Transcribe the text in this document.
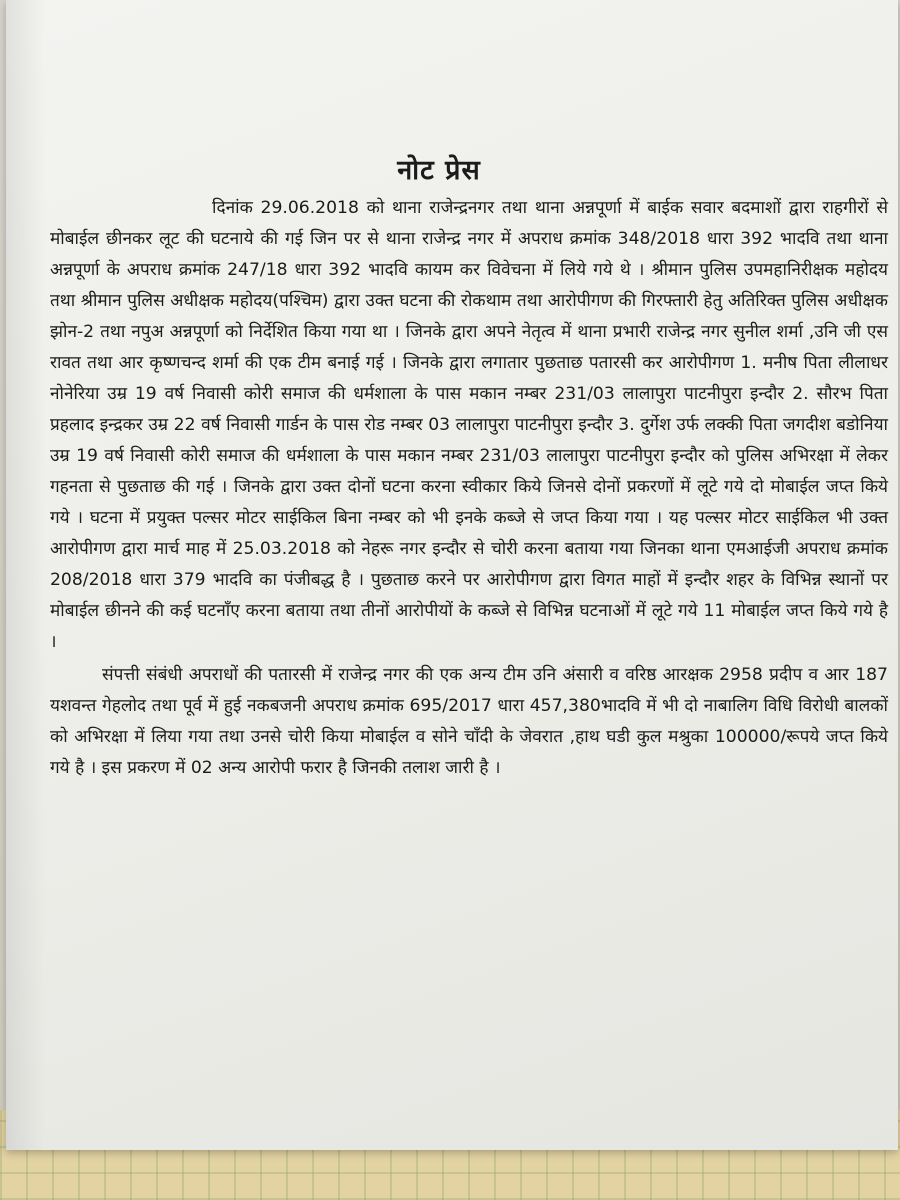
नोट प्रेस

दिनांक 29.06.2018 को थाना राजेन्द्रनगर तथा थाना अन्नपूर्णा में बाईक सवार बदमाशों द्वारा राहगीरों से मोबाईल छीनकर लूट की घटनाये की गई जिन पर से थाना राजेन्द्र नगर में अपराध क्रमांक 348/2018 धारा 392 भादवि तथा थाना अन्नपूर्णा के अपराध क्रमांक 247/18 धारा 392 भादवि कायम कर विवेचना में लिये गये थे । श्रीमान पुलिस उपमहानिरीक्षक महोदय तथा श्रीमान पुलिस अधीक्षक महोदय(पश्चिम) द्वारा उक्त घटना की रोकथाम तथा आरोपीगण की गिरफ्तारी हेतु अतिरिक्त पुलिस अधीक्षक झोन-2 तथा नपुअ अन्नपूर्णा को निर्देशित किया गया था । जिनके द्वारा अपने नेतृत्व में थाना प्रभारी राजेन्द्र नगर सुनील शर्मा ,उनि जी एस रावत तथा आर कृष्णचन्द शर्मा की एक टीम बनाई गई । जिनके द्वारा लगातार पुछताछ पतारसी कर आरोपीगण 1. मनीष पिता लीलाधर नोनेरिया उम्र 19 वर्ष निवासी कोरी समाज की धर्मशाला के पास मकान नम्बर 231/03 लालापुरा पाटनीपुरा इन्दौर 2. सौरभ पिता प्रहलाद इन्द्रकर उम्र 22 वर्ष निवासी गार्डन के पास रोड नम्बर 03 लालापुरा पाटनीपुरा इन्दौर 3. दुर्गेश उर्फ लक्की पिता जगदीश बडोनिया उम्र 19 वर्ष निवासी कोरी समाज की धर्मशाला के पास मकान नम्बर 231/03 लालापुरा पाटनीपुरा इन्दौर को पुलिस अभिरक्षा में लेकर गहनता से पुछताछ की गई । जिनके द्वारा उक्त दोनों घटना करना स्वीकार किये जिनसे दोनों प्रकरणों में लूटे गये दो मोबाईल जप्त किये गये । घटना में प्रयुक्त पल्सर मोटर साईकिल बिना नम्बर को भी इनके कब्जे से जप्त किया गया । यह पल्सर मोटर साईकिल भी उक्त आरोपीगण द्वारा मार्च माह में 25.03.2018 को नेहरू नगर इन्दौर से चोरी करना बताया गया जिनका थाना एमआईजी अपराध क्रमांक 208/2018 धारा 379 भादवि का पंजीबद्ध है । पुछताछ करने पर आरोपीगण द्वारा विगत माहों में इन्दौर शहर के विभिन्न स्थानों पर मोबाईल छीनने की कई घटनाँए करना बताया तथा तीनों आरोपीयों के कब्जे से विभिन्न घटनाओं में लूटे गये 11 मोबाईल जप्त किये गये है ।

संपत्ती संबंधी अपराधों की पतारसी में राजेन्द्र नगर की एक अन्य टीम उनि अंसारी व वरिष्ठ आरक्षक 2958 प्रदीप व आर 187 यशवन्त गेहलोद तथा पूर्व में हुई नकबजनी अपराध क्रमांक 695/2017 धारा 457,380भादवि में भी दो नाबालिग विधि विरोधी बालकों को अभिरक्षा में लिया गया तथा उनसे चोरी किया मोबाईल व सोने चाँदी के जेवरात ,हाथ घडी कुल मश्रुका 100000/रूपये जप्त किये गये है । इस प्रकरण में 02 अन्य आरोपी फरार है जिनकी तलाश जारी है ।
